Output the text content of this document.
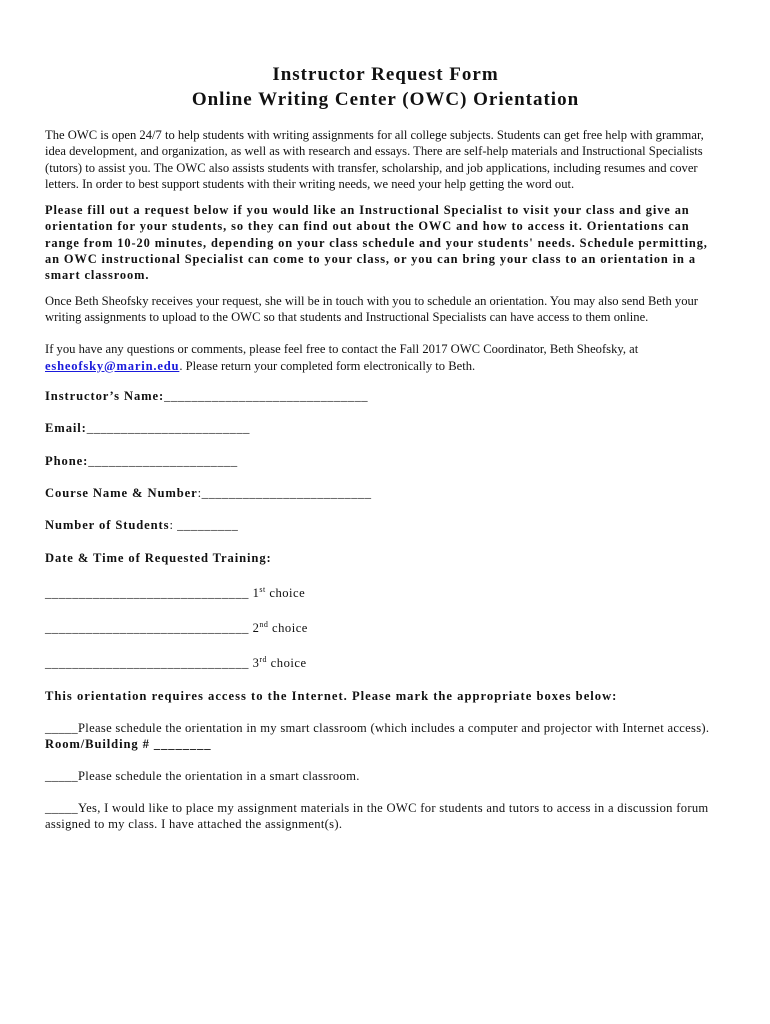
Instructor Request Form
Online Writing Center (OWC) Orientation

The OWC is open 24/7 to help students with writing assignments for all college subjects. Students can get free help with grammar, idea development, and organization, as well as with research and essays. There are self-help materials and Instructional Specialists (tutors) to assist you. The OWC also assists students with transfer, scholarship, and job applications, including resumes and cover letters. In order to best support students with their writing needs, we need your help getting the word out.

Please fill out a request below if you would like an Instructional Specialist to visit your class and give an orientation for your students, so they can find out about the OWC and how to access it. Orientations can range from 10-20 minutes, depending on your class schedule and your students' needs. Schedule permitting, an OWC instructional Specialist can come to your class, or you can bring your class to an orientation in a smart classroom.

Once Beth Sheofsky receives your request, she will be in touch with you to schedule an orientation. You may also send Beth your writing assignments to upload to the OWC so that students and Instructional Specialists can have access to them online.

If you have any questions or comments, please feel free to contact the Fall 2017 OWC Coordinator, Beth Sheofsky, at esheofsky@marin.edu. Please return your completed form electronically to Beth.

Instructor’s Name:______________________________
Email:________________________
Phone:______________________
Course Name & Number:_________________________
Number of Students: _________
Date & Time of Requested Training:
______________________________ 1st choice
______________________________ 2nd choice
______________________________ 3rd choice
This orientation requires access to the Internet. Please mark the appropriate boxes below:
_____Please schedule the orientation in my smart classroom (which includes a computer and projector with Internet access). Room/Building # ________
_____Please schedule the orientation in a smart classroom.
_____Yes, I would like to place my assignment materials in the OWC for students and tutors to access in a discussion forum assigned to my class. I have attached the assignment(s).
